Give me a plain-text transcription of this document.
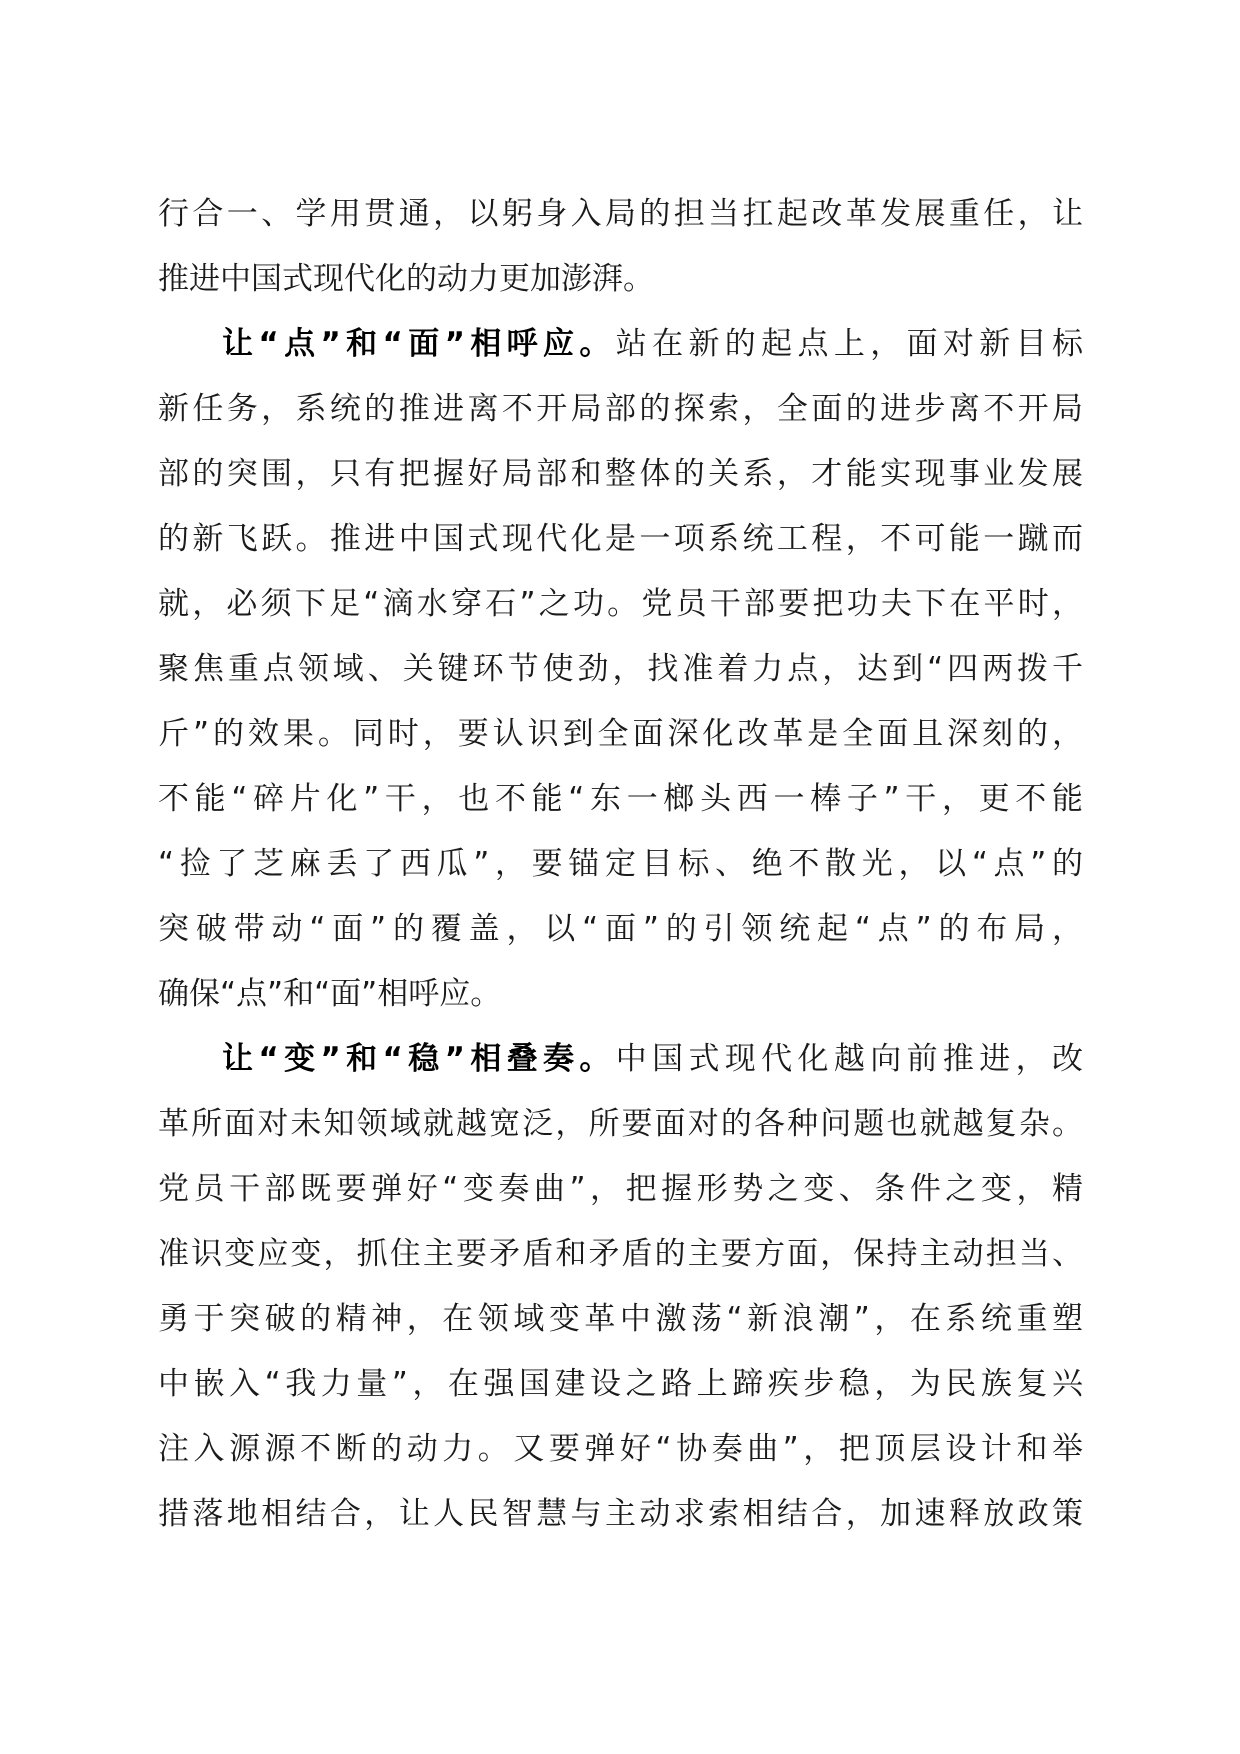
行合一、学用贯通，以躬身入局的担当扛起改革发展重任，让
推进中国式现代化的动力更加澎湃。
让“点”和“面”相呼应。站在新的起点上，面对新目标
新任务，系统的推进离不开局部的探索，全面的进步离不开局
部的突围，只有把握好局部和整体的关系，才能实现事业发展
的新飞跃。推进中国式现代化是一项系统工程，不可能一蹴而
就，必须下足“滴水穿石”之功。党员干部要把功夫下在平时，
聚焦重点领域、关键环节使劲，找准着力点，达到“四两拨千
斤”的效果。同时，要认识到全面深化改革是全面且深刻的，
不能“碎片化”干，也不能“东一榔头西一棒子”干，更不能
“捡了芝麻丢了西瓜”，要锚定目标、绝不散光，以“点”的
突破带动“面”的覆盖，以“面”的引领统起“点”的布局，
确保“点”和“面”相呼应。
让“变”和“稳”相叠奏。中国式现代化越向前推进，改
革所面对未知领域就越宽泛，所要面对的各种问题也就越复杂。
党员干部既要弹好“变奏曲”，把握形势之变、条件之变，精
准识变应变，抓住主要矛盾和矛盾的主要方面，保持主动担当、
勇于突破的精神，在领域变革中激荡“新浪潮”，在系统重塑
中嵌入“我力量”，在强国建设之路上蹄疾步稳，为民族复兴
注入源源不断的动力。又要弹好“协奏曲”，把顶层设计和举
措落地相结合，让人民智慧与主动求索相结合，加速释放政策
